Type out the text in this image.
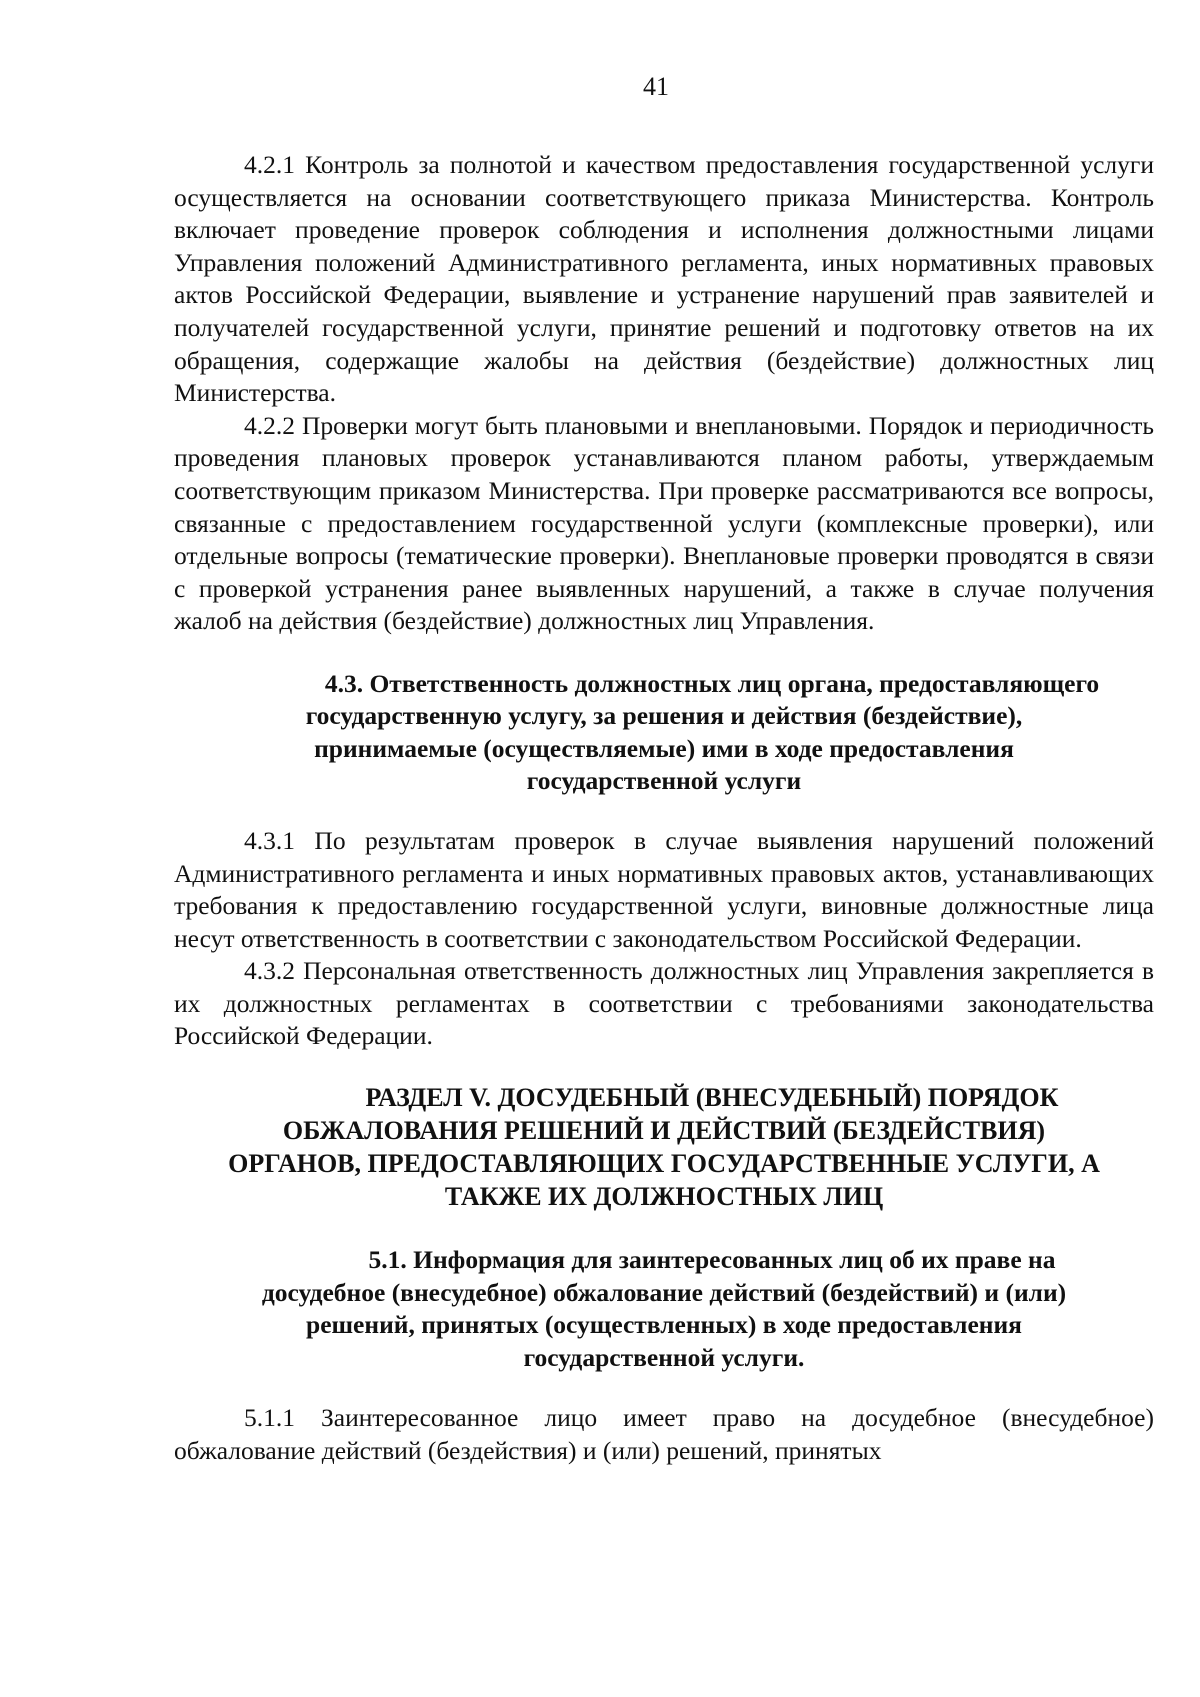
41

4.2.1 Контроль за полнотой и качеством предоставления государственной услуги осуществляется на основании соответствующего приказа Министерства. Контроль включает проведение проверок соблюдения и исполнения должностными лицами Управления положений Административного регламента, иных нормативных правовых актов Российской Федерации, выявление и устранение нарушений прав заявителей и получателей государственной услуги, принятие решений и подготовку ответов на их обращения, содержащие жалобы на действия (бездействие) должностных лиц Министерства.

4.2.2 Проверки могут быть плановыми и внеплановыми. Порядок и периодичность проведения плановых проверок устанавливаются планом работы, утверждаемым соответствующим приказом Министерства. При проверке рассматриваются все вопросы, связанные с предоставлением государственной услуги (комплексные проверки), или отдельные вопросы (тематические проверки). Внеплановые проверки проводятся в связи с проверкой устранения ранее выявленных нарушений, а также в случае получения жалоб на действия (бездействие) должностных лиц Управления.

4.3. Ответственность должностных лиц органа, предоставляющего
государственную услугу, за решения и действия (бездействие),
принимаемые (осуществляемые) ими в ходе предоставления
государственной услуги

4.3.1 По результатам проверок в случае выявления нарушений положений Административного регламента и иных нормативных правовых актов, устанавливающих требования к предоставлению государственной услуги, виновные должностные лица несут ответственность в соответствии с законодательством Российской Федерации.

4.3.2 Персональная ответственность должностных лиц Управления закрепляется в их должностных регламентах в соответствии с требованиями законодательства Российской Федерации.

РАЗДЕЛ V. ДОСУДЕБНЫЙ (ВНЕСУДЕБНЫЙ) ПОРЯДОК
ОБЖАЛОВАНИЯ РЕШЕНИЙ И ДЕЙСТВИЙ (БЕЗДЕЙСТВИЯ)
ОРГАНОВ, ПРЕДОСТАВЛЯЮЩИХ ГОСУДАРСТВЕННЫЕ УСЛУГИ, А
ТАКЖЕ ИХ ДОЛЖНОСТНЫХ ЛИЦ
5.1. Информация для заинтересованных лиц об их праве на
досудебное (внесудебное) обжалование действий (бездействий) и (или)
решений, принятых (осуществленных) в ходе предоставления
государственной услуги.

5.1.1 Заинтересованное лицо имеет право на досудебное (внесудебное) обжалование действий (бездействия) и (или) решений, принятых
